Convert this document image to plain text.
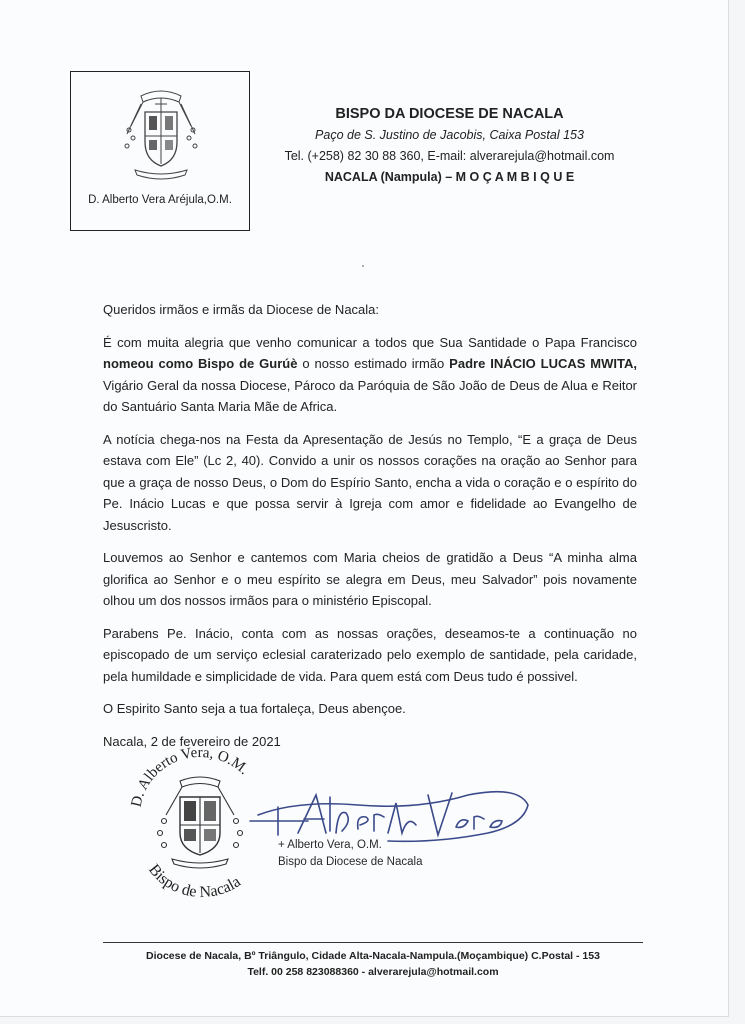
D. Alberto Vera Aréjula,O.M.
BISPO DA DIOCESE DE NACALA
Paço de S. Justino de Jacobis, Caixa Postal 153
Tel. (+258) 82 30 88 360, E-mail: alverarejula@hotmail.com
NACALA (Nampula) – M O Ç A M B I Q U E

Queridos irmãos e irmãs da Diocese de Nacala:

É com muita alegria que venho comunicar a todos que Sua Santidade o Papa Francisco nomeou como Bispo de Gurúè o nosso estimado irmão Padre INÁCIO LUCAS MWITA, Vigário Geral da nossa Diocese, Pároco da Paróquia de São João de Deus de Alua e Reitor do Santuário Santa Maria Mãe de Africa.

A notícia chega-nos na Festa da Apresentação de Jesús no Templo, “E a graça de Deus estava com Ele” (Lc 2, 40). Convido a unir os nossos corações na oração ao Senhor para que a graça de nosso Deus, o Dom do Espírio Santo, encha a vida o coração e o espírito do Pe. Inácio Lucas e que possa servir à Igreja com amor e fidelidade ao Evangelho de Jesuscristo.

Louvemos ao Senhor e cantemos com Maria cheios de gratidão a Deus “A minha alma glorifica ao Senhor e o meu espírito se alegra em Deus, meu Salvador” pois novamente olhou um dos nossos irmãos para o ministério Episcopal.

Parabens Pe. Inácio, conta com as nossas orações, deseamos-te a continuação no episcopado de um serviço eclesial caraterizado pelo exemplo de santidade, pela caridade, pela humildade e simplicidade de vida. Para quem está com Deus tudo é possivel.

O Espirito Santo seja a tua fortaleça, Deus abençoe.

Nacala, 2 de fevereiro de 2021

D. Alberto Vera, O.M.
Bispo de Nacala
+ Alberto Vera, O.M.
Bispo da Diocese de Nacala
Diocese de Nacala, Bº Triângulo, Cidade Alta-Nacala-Nampula.(Moçambique) C.Postal - 153
Telf. 00 258 823088360 - alverarejula@hotmail.com
